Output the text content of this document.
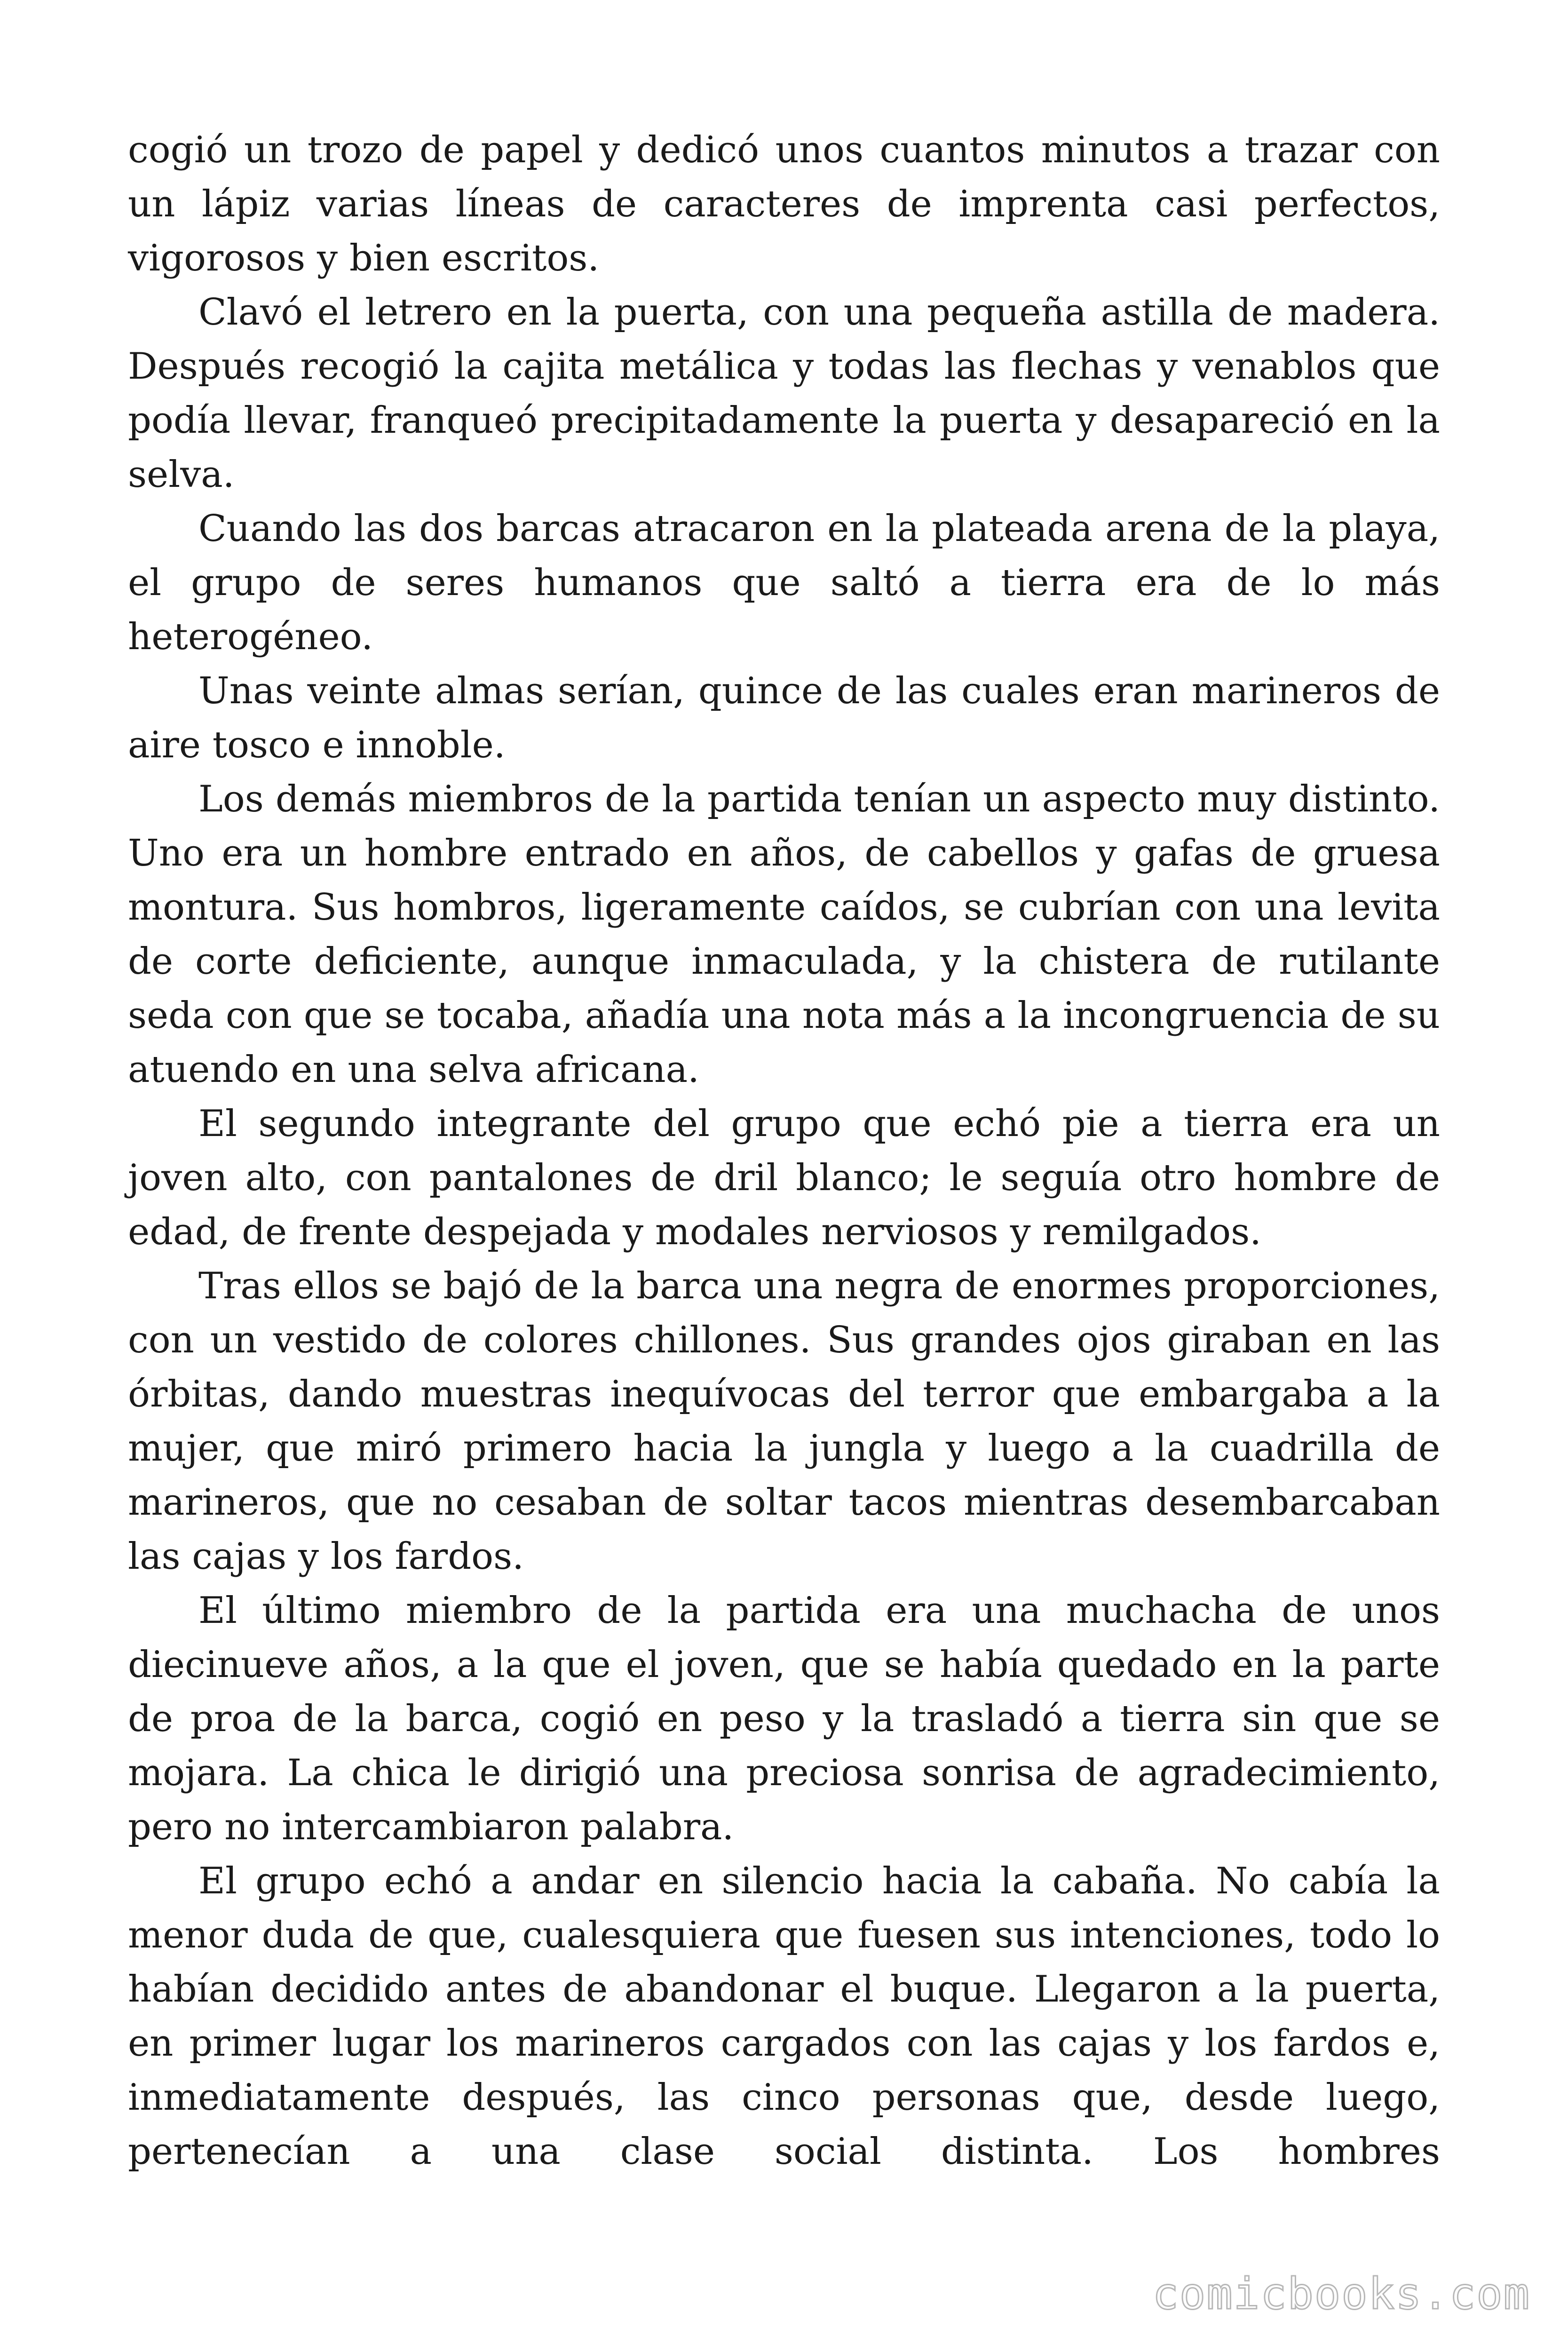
cogió un trozo de papel y dedicó unos cuantos minutos a trazar con un lápiz varias líneas de caracteres de imprenta casi perfectos, vigorosos y bien escritos.

Clavó el letrero en la puerta, con una pequeña astilla de madera. Después recogió la cajita metálica y todas las flechas y venablos que podía llevar, franqueó precipitadamente la puerta y desapareció en la selva.

Cuando las dos barcas atracaron en la plateada arena de la playa, el grupo de seres humanos que saltó a tierra era de lo más heterogéneo.

Unas veinte almas serían, quince de las cuales eran marineros de aire tosco e innoble.

Los demás miembros de la partida tenían un aspecto muy distinto. Uno era un hombre entrado en años, de cabellos y gafas de gruesa montura. Sus hombros, ligeramente caídos, se cubrían con una levita de corte deficiente, aunque inmaculada, y la chistera de rutilante seda con que se tocaba, añadía una nota más a la incongruencia de su atuendo en una selva africana.

El segundo integrante del grupo que echó pie a tierra era un joven alto, con pantalones de dril blanco; le seguía otro hombre de edad, de frente despejada y modales nerviosos y remilgados.

Tras ellos se bajó de la barca una negra de enormes proporciones, con un vestido de colores chillones. Sus grandes ojos giraban en las órbitas, dando muestras inequívocas del terror que embargaba a la mujer, que miró primero hacia la jungla y luego a la cuadrilla de marineros, que no cesaban de soltar tacos mientras desembarcaban las cajas y los fardos.

El último miembro de la partida era una muchacha de unos diecinueve años, a la que el joven, que se había quedado en la parte de proa de la barca, cogió en peso y la trasladó a tierra sin que se mojara. La chica le dirigió una preciosa sonrisa de agradecimiento, pero no intercambiaron palabra.

El grupo echó a andar en silencio hacia la cabaña. No cabía la menor duda de que, cualesquiera que fuesen sus intenciones, todo lo habían decidido antes de abandonar el buque. Llegaron a la puerta, en primer lugar los marineros cargados con las cajas y los fardos e, inmediatamente después, las cinco personas que, desde luego, pertenecían a una clase social distinta. Los hombres

comicbooks.com
